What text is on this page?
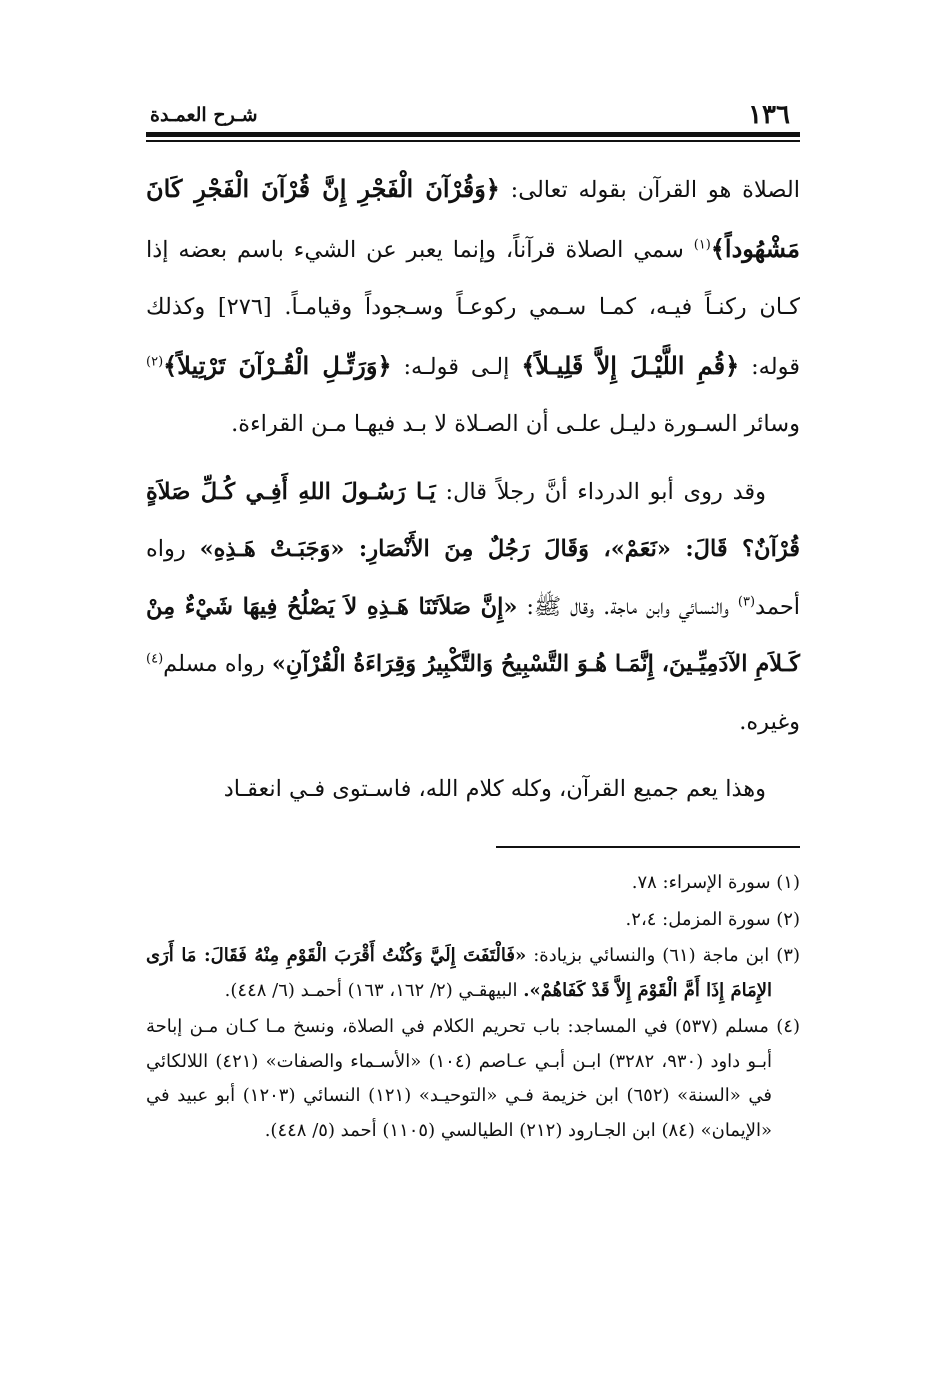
١٣٦
شـرح العمـدة

الصلاة هو القرآن بقوله تعالى: ﴿وَقُرْآنَ الْفَجْرِ إِنَّ قُرْآنَ الْفَجْرِ كَانَ مَشْهُوداً﴾$^{(١)}$ سمي الصلاة قرآناً، وإنما يعبر عن الشيء باسم بعضه إذا كـان ركنـاً فيـه، كمـا سـمي ركوعـاً وسـجوداً وقيامـاً. [٢٧٦] وكذلك قوله: ﴿قُمِ اللَّيْـلَ إِلاَّ قَلِيـلاً﴾ إلـى قولـه: ﴿وَرَتِّـلِ الْقُـرْآنَ تَرْتِيلاً﴾$^{(٢)}$ وسائر السـورة دليـل علـى أن الصـلاة لا بـد فيهـا مـن القراءة.

وقد روى أبو الدرداء أنَّ رجلاً قال: يَـا رَسُـولَ اللهِ أَفِـي كُـلِّ صَلاَةٍ قُرْآنٌ؟ قَالَ: «نَعَمْ»، وَقَالَ رَجُلٌ مِنَ الأَنْصَارِ: «وَجَبَـتْ هَـذِهِ» رواه أحمد$^{(٣)}$ والنسائي وابن ماجة. وقال ﷺ: «إِنَّ صَلاَتَنَا هَـذِهِ لاَ يَصْلُحُ فِيهَا شَيْءٌ مِنْ كَـلاَمِ الآدَمِيِّـينَ، إِنَّمَـا هُـوَ التَّسْبِيحُ وَالتَّكْبِيرُ وَقِرَاءَةُ الْقُرْآنِ» رواه مسلم$^{(٤)}$ وغيره.

وهذا يعم جميع القرآن، وكله كلام الله، فاسـتوى فـي انعقـاد

(١) سورة الإسراء: ٧٨.

(٢) سورة المزمل: ٢،٤.

(٣) ابن ماجة (٦١) والنسائي بزيادة: «فَالْتَفَتَ إِلَيَّ وَكُنْتُ أَقْرَبَ الْقَوْمِ مِنْهُ فَقَالَ: مَا أَرَى الإِمَامَ إِذَا أَمَّ الْقَوْمَ إِلاَّ قَدْ كَفَاهُمْ». البيهقـي (٢/ ١٦٢، ١٦٣) أحمـد (٦/ ٤٤٨).

(٤) مسلم (٥٣٧) في المساجد: باب تحريم الكلام في الصلاة، ونسخ مـا كـان مـن إباحة أبـو داود (٩٣٠، ٣٢٨٢) ابـن أبـي عـاصم (١٠٤) «الأسـماء والصفات» (٤٢١) اللالكائي في «السنة» (٦٥٢) ابن خزيمة فـي «التوحيـد» (١٢١) النسائي (١٢٠٣) أبو عبيد في «الإيمان» (٨٤) ابن الجـارود (٢١٢) الطيالسي (١١٠٥) أحمد (٥/ ٤٤٨).
